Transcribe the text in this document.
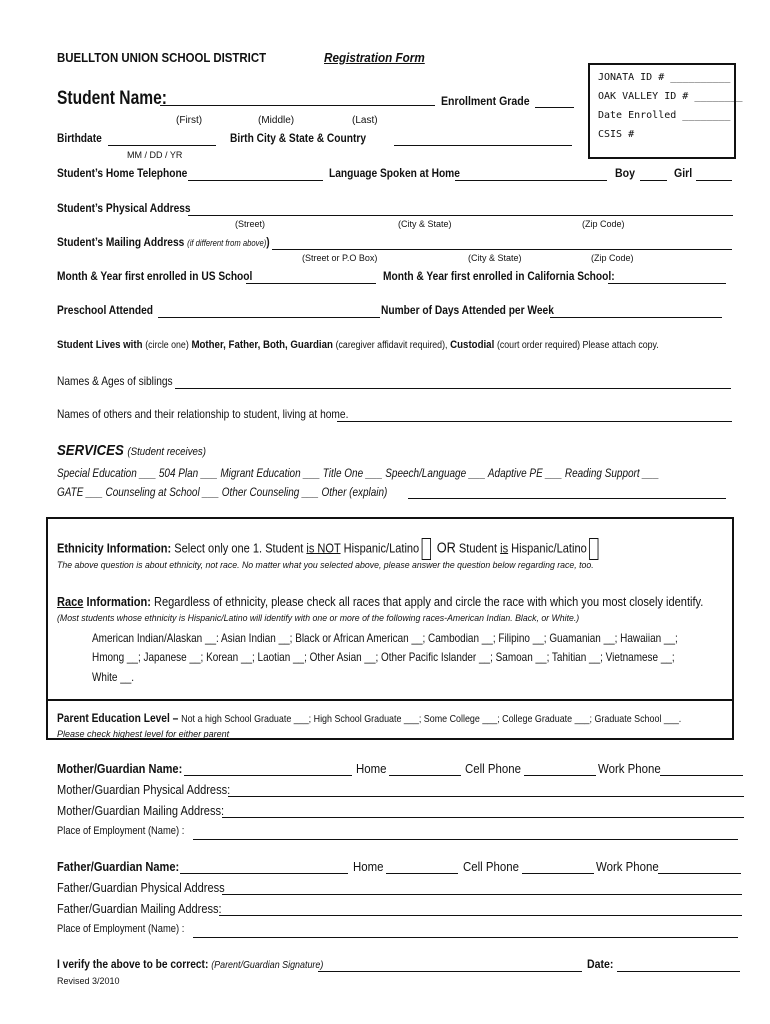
BUELLTON UNION SCHOOL DISTRICT	Registration Form
JONATA ID # __________
OAK VALLEY ID # ________
Date Enrolled ________
CSIS #
Student Name:	Enrollment Grade
(First)	(Middle)	(Last)
Birthdate	Birth City & State & Country
MM / DD / YR
Student’s Home Telephone	Language Spoken at Home	Boy	Girl
Student’s Physical Address
(Street)	(City & State)	(Zip Code)
Student’s Mailing Address (if different from above))
(Street or P.O Box)	(City & State)	(Zip Code)
Month & Year first enrolled in US School	Month & Year first enrolled in California School:
Preschool Attended	Number of Days Attended per Week
Student Lives with (circle one) Mother, Father, Both, Guardian (caregiver affidavit required), Custodial (court order required) Please attach copy.
Names & Ages of siblings
Names of others and their relationship to student, living at home.
SERVICES (Student receives)
Special Education ___ 504 Plan ___ Migrant Education ___ Title One ___ Speech/Language ___ Adaptive PE ___ Reading Support ___
GATE ___ Counseling at School ___ Other Counseling ___ Other (explain)
Ethnicity Information: Select only one 1. Student is NOT Hispanic/Latino OR Student is Hispanic/Latino
The above question is about ethnicity, not race. No matter what you selected above, please answer the question below regarding race, too.
Race Information: Regardless of ethnicity, please check all races that apply and circle the race with which you most closely identify.
(Most students whose ethnicity is Hispanic/Latino will identify with one or more of the following races-American Indian. Black, or White.)
American Indian/Alaskan __: Asian Indian __; Black or African American __; Cambodian __; Filipino __; Guamanian __; Hawaiian __;
Hmong __; Japanese __; Korean __; Laotian __; Other Asian __; Other Pacific Islander __; Samoan __; Tahitian __; Vietnamese __;
White __.
Parent Education Level – Not a high School Graduate ___; High School Graduate ___; Some College ___; College Graduate ___; Graduate School ___.
Please check highest level for either parent
Mother/Guardian Name:	Home	Cell Phone	Work Phone
Mother/Guardian Physical Address:
Mother/Guardian Mailing Address:
Place of Employment (Name) :
Father/Guardian Name:	Home	Cell Phone	Work Phone
Father/Guardian Physical Address
Father/Guardian Mailing Address:
Place of Employment (Name) :
I verify the above to be correct: (Parent/Guardian Signature)	Date:
Revised 3/2010
